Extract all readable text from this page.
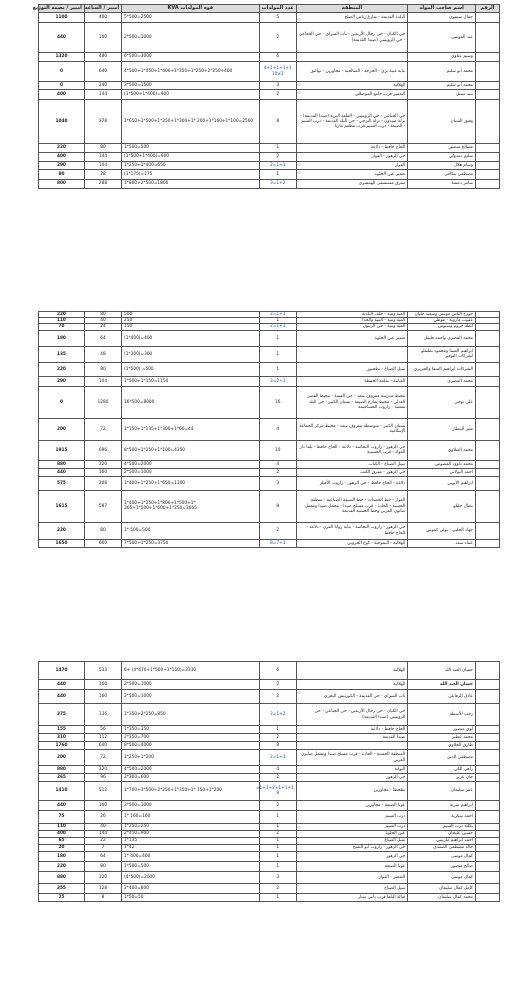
الرقم	اسم صاحب المولد	المنطقة	عدد المولدات	قوة المولدات KVA	أمبير / الساعة	أمبير / بصمة التوزيع
	جمال سيمون	البلدة القديمة - شارع رياض الصلح	5	5*500=2500	400	1100
	عبد الموسى	حي الكتان - حي رحال الأربعين - باب السراي - حي الجعاعي - حي الزويتيني (صيدا القديمة)	2	2*500=1000	160	440
	وسيم عثاوي		6	6*500=3000	480	1320
	محمد أبو سليم	بناية غيبة بري - الحرجة - الصالحية - مجاورين - تواليق	4+1+1+1+1 2×10	4*500+1*450+1*400+1*350+1*250+2*250+400	640	0
	محمد أبو سليم	الهلالية	3	3*500=1500	240	0
	نبيه سنتل	التعمير قرب جامع الموصللي	2	(1*500+1*400)=900	144	400
	وفيق الشنان	حي الجباعي - حي الزويتيني - القلعة البرية (صيدا القديمة) - نزلة صيدون - نزلة البرجي - حي البلد القديمة - درب السيم - الضيعة - درب السيم قرب مطعم ماريا	8	1*650+1*500+1*350+1*300+1* 200+1*160+1*100=2560	378	1040
	مصالح منصور	الحاج حافظ - دلاعة	1	1*500=500	80	220
	سليم دمدولي	حي الزهور - القوار	2	(1*500+1*400)=900	144	400
	وسام هلال	القوار	1+1=2	1*250+1*400=650	104	290
	مصطفى بنكامي	تعمير عين الحلوة	1	(1*175)=175	28	80
	سامر دعشة	مفرق مستشفى الهمشري	1+2=3	1*800+2*500=1800	288	800
	جورج الياس موسى وسعيد حليان	المية ومية - خلف البلدية	1+1=2	500	80	220
	عقوب مارونة - موظي	المية ومية - المية والحدا	1	250	40	110
	ابطة حزوم وسبوس	المية ومية - حي الزيتون	1+1=2	150	24	70
	محمد المصري واحمد فليفل	تعمير عين الحلوة	1	(1*400)=400	64	180
	ابراهيم السقا ومحمود بطيقلو لشركات التوفير		1	(1*300)=300	48	135
	الشركات ابراهيم السقا والحريري	سيل الصباغ - بطحبور	1	(1*500) =500	80	220
	محمد المصري	الغنانية - سلمة الحمطة	2+1=3	1*500+1*150=1150	104	290
	علي بوجي	محيط مدرسة معروف سعد - حي الغيمة - محيط القصر العدلي - محيط شارع الضيعة - بستان الكبير - حي البلد نفسية - زاروب الحساحيمة	16	16*500=8000	1280	0
	منير البيطار	بستان الكبير - متوسطة معروف سعد - محيط مركز الجماعة الإسلامية	4	1*150+1*135+1*300+1*60=44	72	200
	محمد العثلاوي	حي الزهور - زاروب النجاسة - دلاعة - الحاج حافظ - بلقا دار القواد - قرب الحسيبة	10	8*500+1*250+1*100=4350	696	1915
	محمد داوود المصوص	سيل الصباغ - الكتاب	4	4*500=2000	320	880
	احمد البولاني	حي الزهور - مفرق الكتب	2	2*500=1000	160	440
	ابراهيم الأيوبي	دلاعة - الحاج حافظ - حي الزهور - زاروب الأقبلر	3	1*400+1*250+1*650=1300	208	575
	نضال حليلو	الغوار - خط الحمدات - خط السيقة الصناعية - منطقة الحسبة - الجادة - قرب مسلخ صيدا - محمل صيدا ومعمل صابون العربي وخط الحسبة القديمة	8	1*400+1*250+1*800+1*500+1* 365+1*500+1*600+1*250=3665	587	1615
	جهاد الحلبي - تولي كموش	حي الزهور - زاروب النجاسة - بناية زوايا الفرن - دلاعة - الحاج حافظ	2	1* 500=500	80	220
	عماد سعد	الهلالية - اليموجبة - كوع الخروبي	7+1=8	7*500+1*250=3750	600	1650
	حسان العبد الله	الهلالية	6	6+ (4*470+1*500+1*150)=3330	533	1470
	حسان العبد الله	الهلالية	2	2*500=1000	160	440
	عادل الرفاعي	باب السراي - حي القديمة - الكورنيش البحري	2	2*500=1000	160	440
	رجب الأسطة	حي الكتان - حي رحال الأربعين - حي الجباعي - حي الزويتيني (صيدا القديمة)	1+2=3	1*350+2*250=850	136	375
	لؤي منصور	الحاج حافظ - دلاعة	1	1*350=350	56	155
	محمد عطير	صيدا القديمة	2	2*350=700	112	310
	طارق الحلاوي		8	8*500=4000	640	1760
	مصطفى الدين	المنطقة الحسبة - الجادة - قرب مسلخ صيدا ومعمل صابون العربي	1+1=2	1*250+1*200	72	200
	زاهي الكي	البوابة	4	4*500=2000	320	880
	جان عزيز	حي الزهور	2	2*300=600	96	265
	عمر سليمان	بطحطا - مجاورين	1+3+2+1+1+1= 8	1*700+3*500+2*250+1*350+1* 150+1*200	512	1410
	ابراهيم سرية	عوبا الضيعة - مجاورين	2	2*500=1000	160	440
	احمد سكرية	درب السيم	1	1* 160=160	26	75
	بكلية درب السيم	درب السيم	1	1*250=250	40	110
	حسين عليحان	عين الحلوة	2	2*450=900	144	400
	احمد ابراهيم مارتيني	سيل الصباغ	1	1*135	22	65
	خالد مصطفى الصفدي	حي الزهور - زاروب أبو الشيخ	1	1*42	7	20
	كمال موسى	حي الزهور	1	1* 400=400	64	180
	صالح منصور	عوبا الضيعة	1	1*500=500	80	220
	كمال موسى	التعمير - القوار	3	(4*500)=2000	320	880
	كامل كمال سليمان	سيل الصباغ	2	2*400=800	128	355
	محمد كمال سليمان	قبالة البلعا قرب دلبي ستار	1	1*50=50	8	25
